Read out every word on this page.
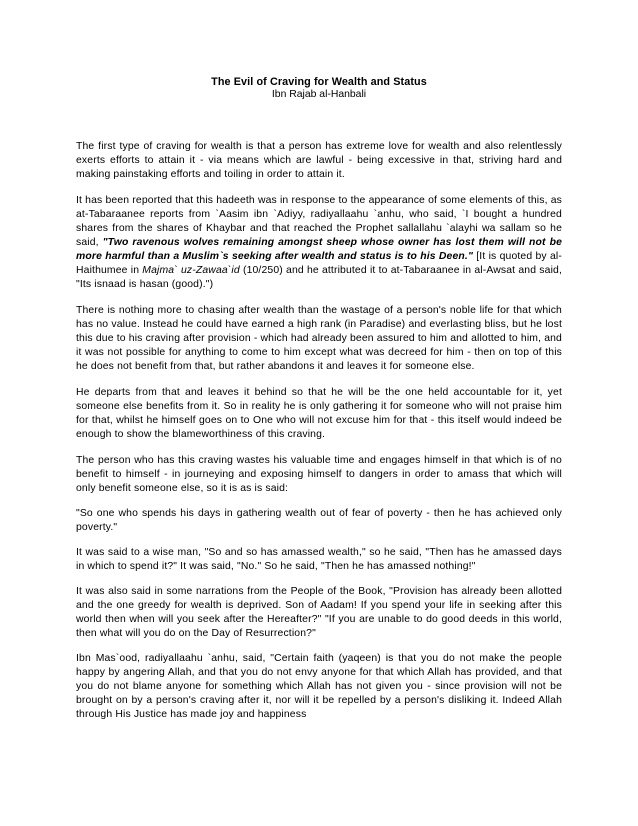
The Evil of Craving for Wealth and Status
Ibn Rajab al-Hanbali

The first type of craving for wealth is that a person has extreme love for wealth and also relentlessly exerts efforts to attain it - via means which are lawful - being excessive in that, striving hard and making painstaking efforts and toiling in order to attain it.

It has been reported that this hadeeth was in response to the appearance of some elements of this, as at-Tabaraanee reports from `Aasim ibn `Adiyy, radiyallaahu `anhu, who said, `I bought a hundred shares from the shares of Khaybar and that reached the Prophet sallallahu `alayhi wa sallam so he said, "Two ravenous wolves remaining amongst sheep whose owner has lost them will not be more harmful than a Muslim`s seeking after wealth and status is to his Deen." [It is quoted by al-Haithumee in Majma` uz-Zawaa`id (10/250) and he attributed it to at-Tabaraanee in al-Awsat and said, "Its isnaad is hasan (good).")

There is nothing more to chasing after wealth than the wastage of a person's noble life for that which has no value. Instead he could have earned a high rank (in Paradise) and everlasting bliss, but he lost this due to his craving after provision - which had already been assured to him and allotted to him, and it was not possible for anything to come to him except what was decreed for him - then on top of this he does not benefit from that, but rather abandons it and leaves it for someone else.

He departs from that and leaves it behind so that he will be the one held accountable for it, yet someone else benefits from it. So in reality he is only gathering it for someone who will not praise him for that, whilst he himself goes on to One who will not excuse him for that - this itself would indeed be enough to show the blameworthiness of this craving.

The person who has this craving wastes his valuable time and engages himself in that which is of no benefit to himself - in journeying and exposing himself to dangers in order to amass that which will only benefit someone else, so it is as is said:

"So one who spends his days in gathering wealth out of fear of poverty - then he has achieved only poverty."

It was said to a wise man, "So and so has amassed wealth," so he said, "Then has he amassed days in which to spend it?" It was said, "No." So he said, "Then he has amassed nothing!"

It was also said in some narrations from the People of the Book, "Provision has already been allotted and the one greedy for wealth is deprived. Son of Aadam! If you spend your life in seeking after this world then when will you seek after the Hereafter?" "If you are unable to do good deeds in this world, then what will you do on the Day of Resurrection?"

Ibn Mas`ood, radiyallaahu `anhu, said, "Certain faith (yaqeen) is that you do not make the people happy by angering Allah, and that you do not envy anyone for that which Allah has provided, and that you do not blame anyone for something which Allah has not given you - since provision will not be brought on by a person's craving after it, nor will it be repelled by a person's disliking it. Indeed Allah through His Justice has made joy and happiness
